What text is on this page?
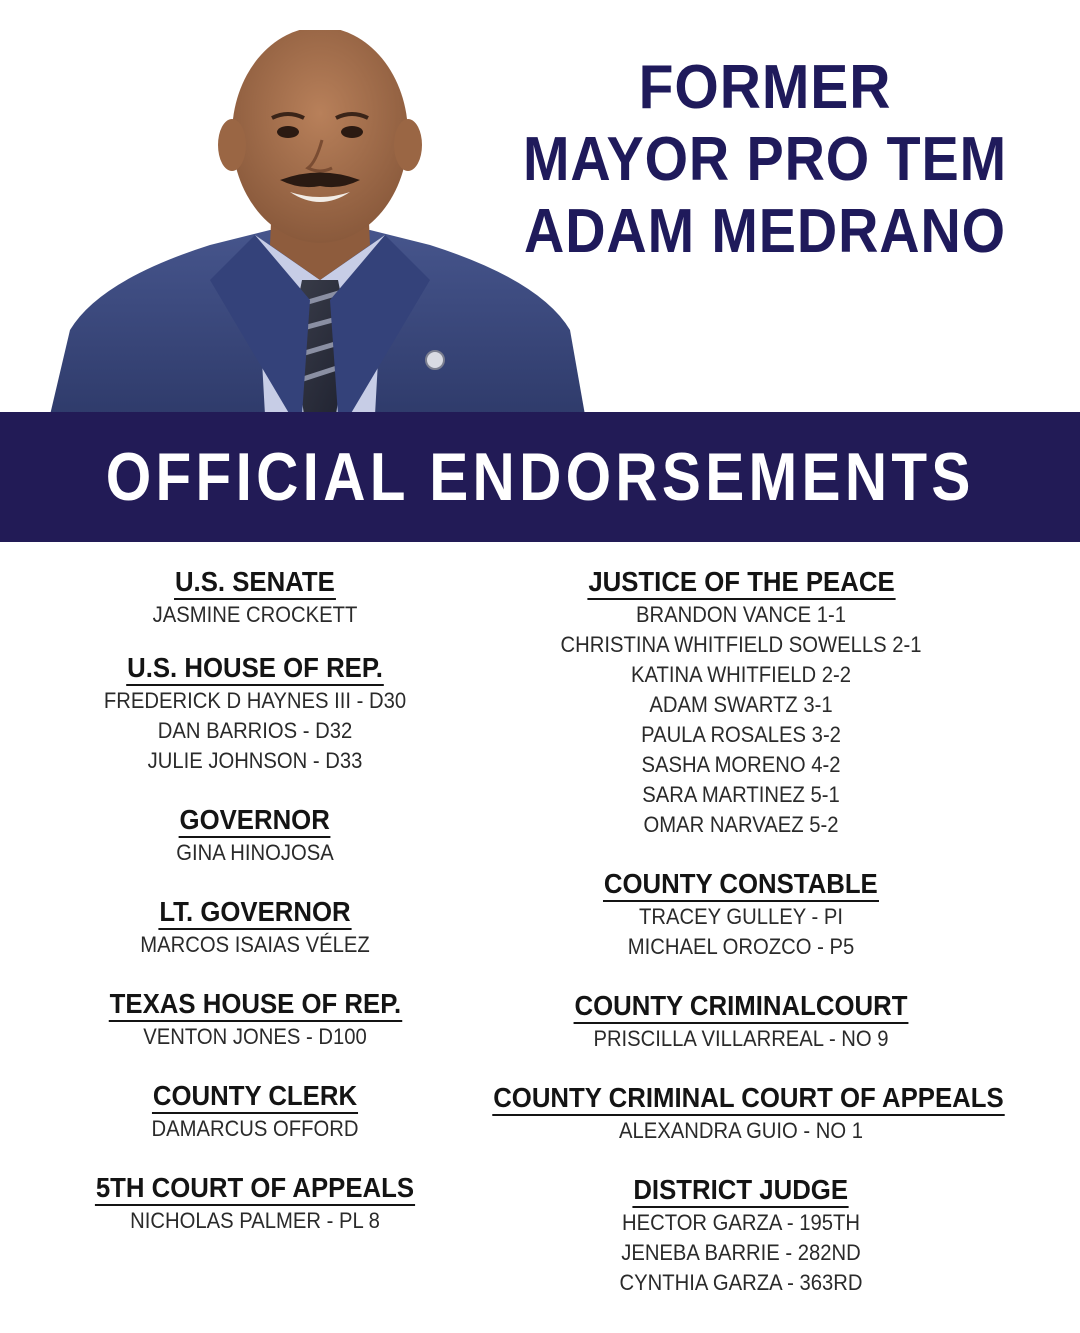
FORMER
MAYOR PRO TEM
ADAM MEDRANO
OFFICIAL ENDORSEMENTS
U.S. SENATE
JASMINE CROCKETT
U.S. HOUSE OF REP.
FREDERICK D HAYNES III - D30
DAN BARRIOS - D32
JULIE JOHNSON - D33
GOVERNOR
GINA HINOJOSA
LT. GOVERNOR
MARCOS ISAIAS VÉLEZ
TEXAS HOUSE OF REP.
VENTON JONES - D100
COUNTY CLERK
DAMARCUS OFFORD
5TH COURT OF APPEALS
NICHOLAS PALMER - PL 8
JUSTICE OF THE PEACE
BRANDON VANCE 1-1
CHRISTINA WHITFIELD SOWELLS 2-1
KATINA WHITFIELD 2-2
ADAM SWARTZ 3-1
PAULA ROSALES 3-2
SASHA MORENO 4-2
SARA MARTINEZ 5-1
OMAR NARVAEZ 5-2
COUNTY CONSTABLE
TRACEY GULLEY - PI
MICHAEL OROZCO - P5
COUNTY CRIMINALCOURT
PRISCILLA VILLARREAL - NO 9
COUNTY CRIMINAL COURT OF APPEALS
ALEXANDRA GUIO - NO 1
DISTRICT JUDGE
HECTOR GARZA - 195TH
JENEBA BARRIE - 282ND
CYNTHIA GARZA - 363RD
